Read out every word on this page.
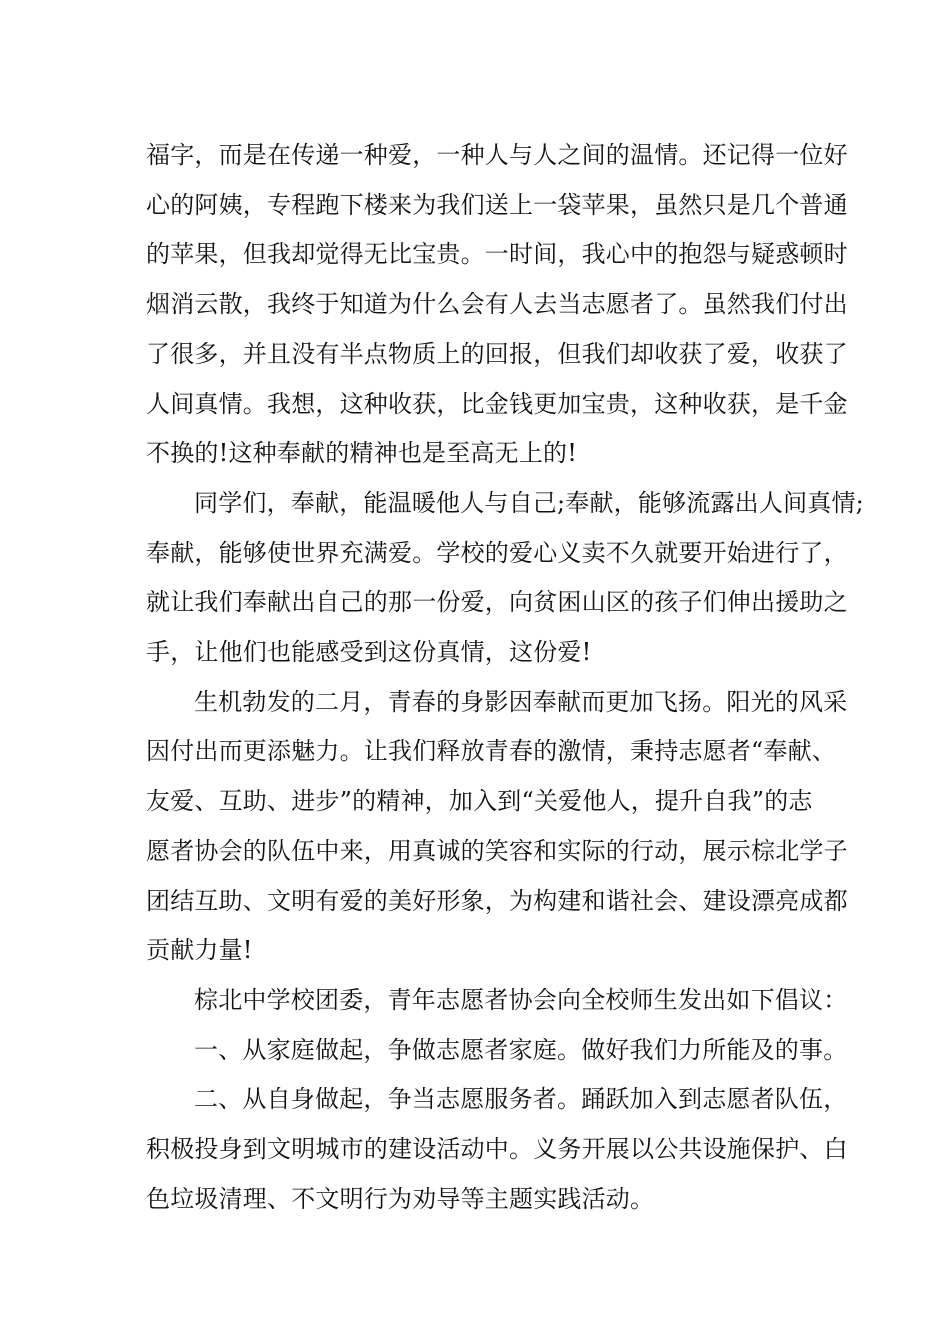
福字，而是在传递一种爱，一种人与人之间的温情。还记得一位好
心的阿姨，专程跑下楼来为我们送上一袋苹果，虽然只是几个普通
的苹果，但我却觉得无比宝贵。一时间，我心中的抱怨与疑惑顿时
烟消云散，我终于知道为什么会有人去当志愿者了。虽然我们付出
了很多，并且没有半点物质上的回报，但我们却收获了爱，收获了
人间真情。我想，这种收获，比金钱更加宝贵，这种收获，是千金
不换的!这种奉献的精神也是至高无上的!

同学们，奉献，能温暖他人与自己;奉献，能够流露出人间真情;
奉献，能够使世界充满爱。学校的爱心义卖不久就要开始进行了，
就让我们奉献出自己的那一份爱，向贫困山区的孩子们伸出援助之
手，让他们也能感受到这份真情，这份爱!

生机勃发的二月，青春的身影因奉献而更加飞扬。阳光的风采
因付出而更添魅力。让我们释放青春的激情，秉持志愿者“奉献、
友爱、互助、进步”的精神，加入到“关爱他人，提升自我”的志
愿者协会的队伍中来，用真诚的笑容和实际的行动，展示棕北学子
团结互助、文明有爱的美好形象，为构建和谐社会、建设漂亮成都
贡献力量!

棕北中学校团委，青年志愿者协会向全校师生发出如下倡议：

一、从家庭做起，争做志愿者家庭。做好我们力所能及的事。

二、从自身做起，争当志愿服务者。踊跃加入到志愿者队伍，
积极投身到文明城市的建设活动中。义务开展以公共设施保护、白
色垃圾清理、不文明行为劝导等主题实践活动。
